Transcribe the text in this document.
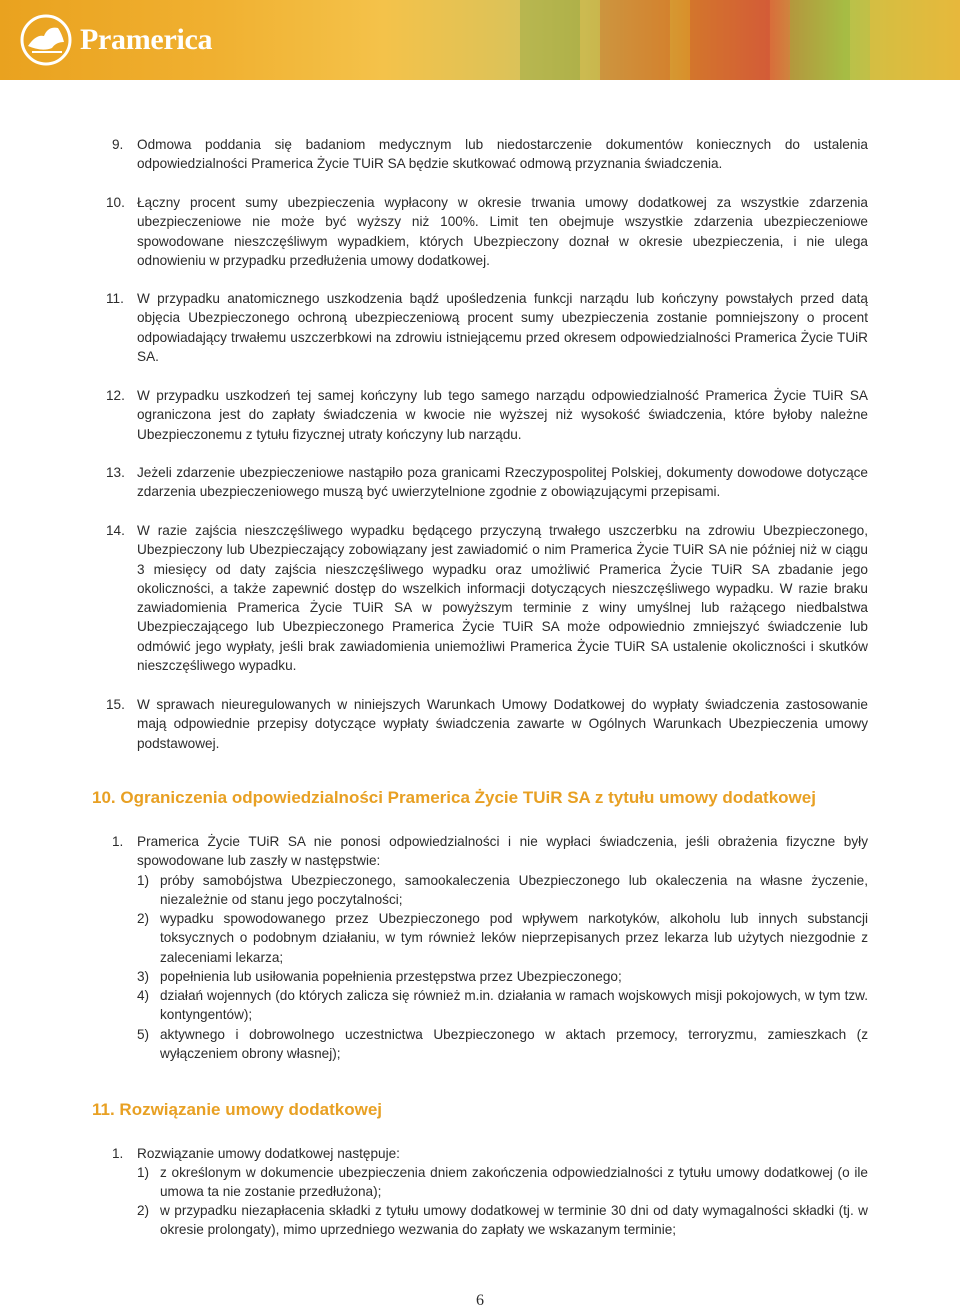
Pramerica
9. Odmowa poddania się badaniom medycznym lub niedostarczenie dokumentów koniecznych do ustalenia odpowiedzialności Pramerica Życie TUiR SA będzie skutkować odmową przyznania świadczenia.
10. Łączny procent sumy ubezpieczenia wypłacony w okresie trwania umowy dodatkowej za wszystkie zdarzenia ubezpieczeniowe nie może być wyższy niż 100%. Limit ten obejmuje wszystkie zdarzenia ubezpieczeniowe spowodowane nieszczęśliwym wypadkiem, których Ubezpieczony doznał w okresie ubezpieczenia, i nie ulega odnowieniu w przypadku przedłużenia umowy dodatkowej.
11. W przypadku anatomicznego uszkodzenia bądź upośledzenia funkcji narządu lub kończyny powstałych przed datą objęcia Ubezpieczonego ochroną ubezpieczeniową procent sumy ubezpieczenia zostanie pomniejszony o procent odpowiadający trwałemu uszczerbkowi na zdrowiu istniejącemu przed okresem odpowiedzialności Pramerica Życie TUiR SA.
12. W przypadku uszkodzeń tej samej kończyny lub tego samego narządu odpowiedzialność Pramerica Życie TUiR SA ograniczona jest do zapłaty świadczenia w kwocie nie wyższej niż wysokość świadczenia, które byłoby należne Ubezpieczonemu z tytułu fizycznej utraty kończyny lub narządu.
13. Jeżeli zdarzenie ubezpieczeniowe nastąpiło poza granicami Rzeczypospolitej Polskiej, dokumenty dowodowe dotyczące zdarzenia ubezpieczeniowego muszą być uwierzytelnione zgodnie z obowiązującymi przepisami.
14. W razie zajścia nieszczęśliwego wypadku będącego przyczyną trwałego uszczerbku na zdrowiu Ubezpieczonego, Ubezpieczony lub Ubezpieczający zobowiązany jest zawiadomić o nim Pramerica Życie TUiR SA nie później niż w ciągu 3 miesięcy od daty zajścia nieszczęśliwego wypadku oraz umożliwić Pramerica Życie TUiR SA zbadanie jego okoliczności, a także zapewnić dostęp do wszelkich informacji dotyczących nieszczęśliwego wypadku. W razie braku zawiadomienia Pramerica Życie TUiR SA w powyższym terminie z winy umyślnej lub rażącego niedbalstwa Ubezpieczającego lub Ubezpieczonego Pramerica Życie TUiR SA może odpowiednio zmniejszyć świadczenie lub odmówić jego wypłaty, jeśli brak zawiadomienia uniemożliwi Pramerica Życie TUiR SA ustalenie okoliczności i skutków nieszczęśliwego wypadku.
15. W sprawach nieuregulowanych w niniejszych Warunkach Umowy Dodatkowej do wypłaty świadczenia zastosowanie mają odpowiednie przepisy dotyczące wypłaty świadczenia zawarte w Ogólnych Warunkach Ubezpieczenia umowy podstawowej.
10. Ograniczenia odpowiedzialności Pramerica Życie TUiR SA z tytułu umowy dodatkowej
1. Pramerica Życie TUiR SA nie ponosi odpowiedzialności i nie wypłaci świadczenia, jeśli obrażenia fizyczne były spowodowane lub zaszły w następstwie:
1) próby samobójstwa Ubezpieczonego, samookaleczenia Ubezpieczonego lub okaleczenia na własne życzenie, niezależnie od stanu jego poczytalności;
2) wypadku spowodowanego przez Ubezpieczonego pod wpływem narkotyków, alkoholu lub innych substancji toksycznych o podobnym działaniu, w tym również leków nieprzepisanych przez lekarza lub użytych niezgodnie z zaleceniami lekarza;
3) popełnienia lub usiłowania popełnienia przestępstwa przez Ubezpieczonego;
4) działań wojennych (do których zalicza się również m.in. działania w ramach wojskowych misji pokojowych, w tym tzw. kontyngentów);
5) aktywnego i dobrowolnego uczestnictwa Ubezpieczonego w aktach przemocy, terroryzmu, zamieszkach (z wyłączeniem obrony własnej);
11. Rozwiązanie umowy dodatkowej
1. Rozwiązanie umowy dodatkowej następuje:
1) z określonym w dokumencie ubezpieczenia dniem zakończenia odpowiedzialności z tytułu umowy dodatkowej (o ile umowa ta nie zostanie przedłużona);
2) w przypadku niezapłacenia składki z tytułu umowy dodatkowej w terminie 30 dni od daty wymagalności składki (tj. w okresie prolongaty), mimo uprzedniego wezwania do zapłaty we wskazanym terminie;
6
